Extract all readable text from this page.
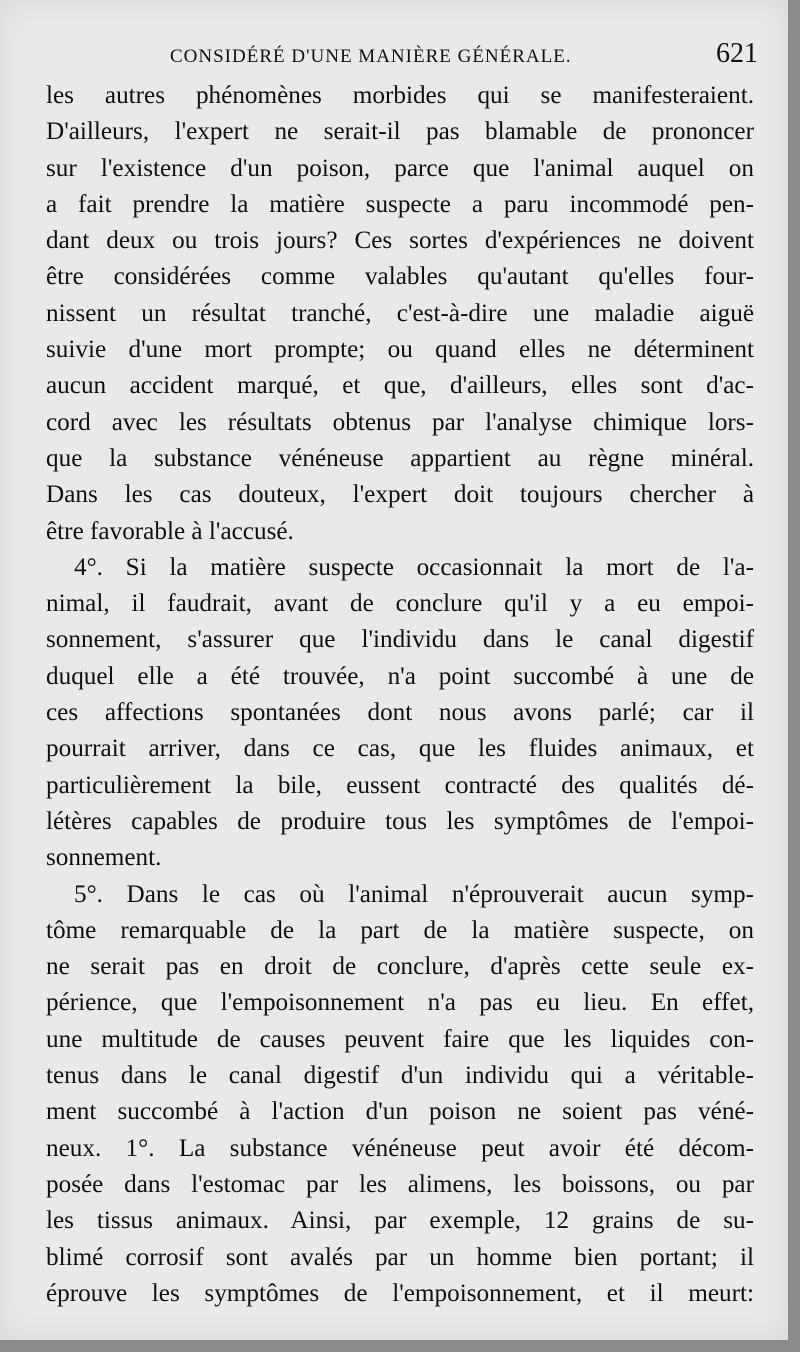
CONSIDÉRÉ D'UNE MANIÈRE GÉNÉRALE.	621
les autres phénomènes morbides qui se manifesteraient.
D'ailleurs, l'expert ne serait-il pas blamable de prononcer
sur l'existence d'un poison, parce que l'animal auquel on
a fait prendre la matière suspecte a paru incommodé pen-
dant deux ou trois jours? Ces sortes d'expériences ne doivent
être considérées comme valables qu'autant qu'elles four-
nissent un résultat tranché, c'est-à-dire une maladie aiguë
suivie d'une mort prompte; ou quand elles ne déterminent
aucun accident marqué, et que, d'ailleurs, elles sont d'ac-
cord avec les résultats obtenus par l'analyse chimique lors-
que la substance vénéneuse appartient au règne minéral.
Dans les cas douteux, l'expert doit toujours chercher à
être favorable à l'accusé.
4°. Si la matière suspecte occasionnait la mort de l'a-
nimal, il faudrait, avant de conclure qu'il y a eu empoi-
sonnement, s'assurer que l'individu dans le canal digestif
duquel elle a été trouvée, n'a point succombé à une de
ces affections spontanées dont nous avons parlé; car il
pourrait arriver, dans ce cas, que les fluides animaux, et
particulièrement la bile, eussent contracté des qualités dé-
létères capables de produire tous les symptômes de l'empoi-
sonnement.
5°. Dans le cas où l'animal n'éprouverait aucun symp-
tôme remarquable de la part de la matière suspecte, on
ne serait pas en droit de conclure, d'après cette seule ex-
périence, que l'empoisonnement n'a pas eu lieu. En effet,
une multitude de causes peuvent faire que les liquides con-
tenus dans le canal digestif d'un individu qui a véritable-
ment succombé à l'action d'un poison ne soient pas véné-
neux. 1°. La substance vénéneuse peut avoir été décom-
posée dans l'estomac par les alimens, les boissons, ou par
les tissus animaux. Ainsi, par exemple, 12 grains de su-
blimé corrosif sont avalés par un homme bien portant; il
éprouve les symptômes de l'empoisonnement, et il meurt:
